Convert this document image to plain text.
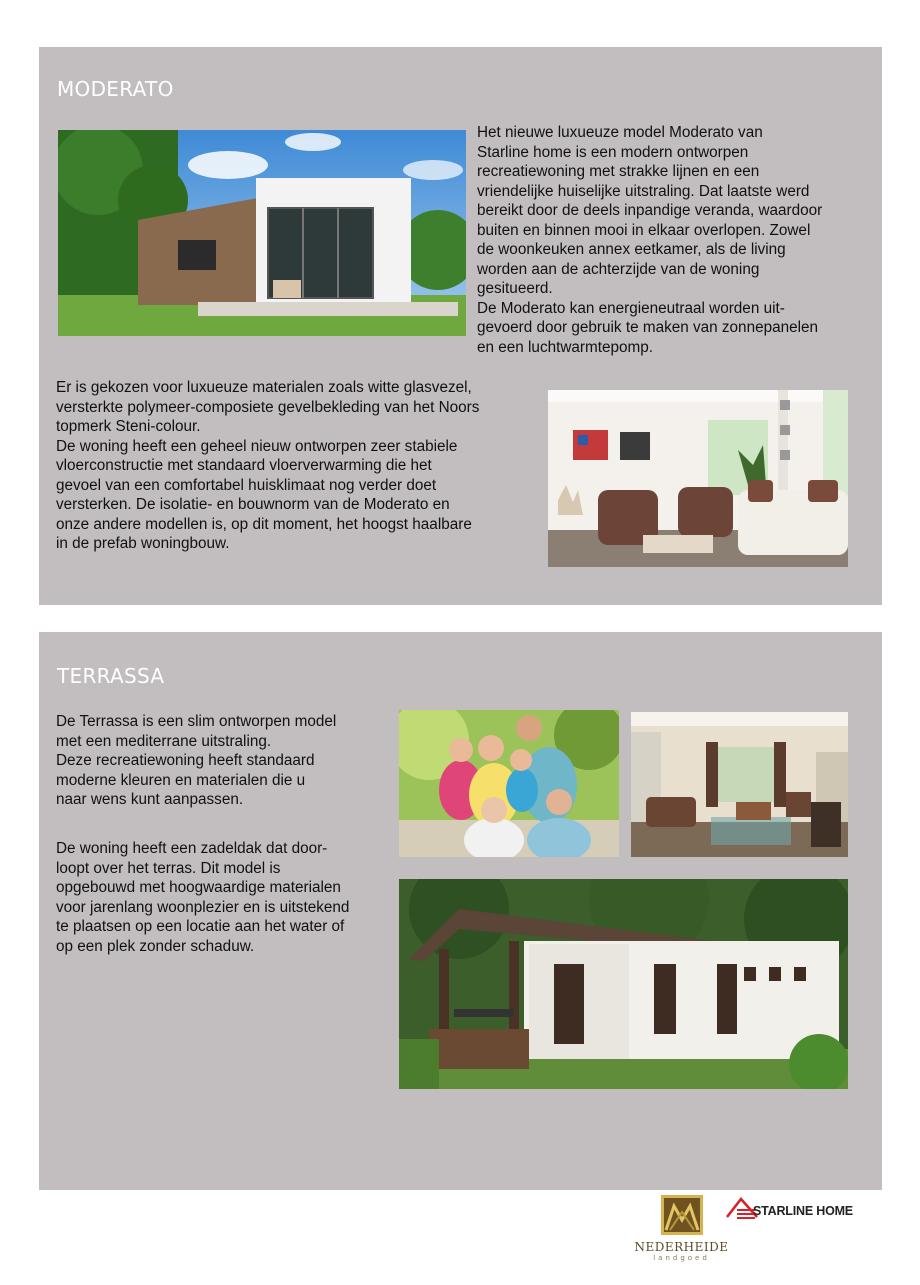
MODERATO

Het nieuwe luxueuze model Moderato van

Starline home is een modern ontworpen

recreatiewoning met strakke lijnen en een

vriendelijke huiselijke uitstraling. Dat laatste werd

bereikt door de deels inpandige veranda, waardoor

buiten en binnen mooi in elkaar overlopen. Zowel

de woonkeuken annex eetkamer, als de living

worden aan de achterzijde van de woning

gesitueerd.

De Moderato kan energieneutraal worden uit-

gevoerd door gebruik te maken van zonnepanelen

en een luchtwarmtepomp.

Er is gekozen voor luxueuze materialen zoals witte glasvezel,

versterkte polymeer-composiete gevelbekleding van het Noors

topmerk Steni-colour.

De woning heeft een geheel nieuw ontworpen zeer stabiele

vloerconstructie met standaard vloerverwarming die het

gevoel van een comfortabel huisklimaat nog verder doet

versterken. De isolatie- en bouwnorm van de Moderato en

onze andere modellen is, op dit moment, het hoogst haalbare

in de prefab woningbouw.

TERRASSA

De Terrassa is een slim ontworpen model

met een mediterrane uitstraling.

Deze recreatiewoning heeft standaard

moderne kleuren en materialen die u

naar wens kunt aanpassen.

De woning heeft een zadeldak dat door-

loopt over het terras. Dit model is

opgebouwd met hoogwaardige materialen

voor jarenlang woonplezier en is uitstekend

te plaatsen op een locatie aan het water of

op een plek zonder schaduw.

NEDERHEIDE
landgoed
STARLINE HOME
